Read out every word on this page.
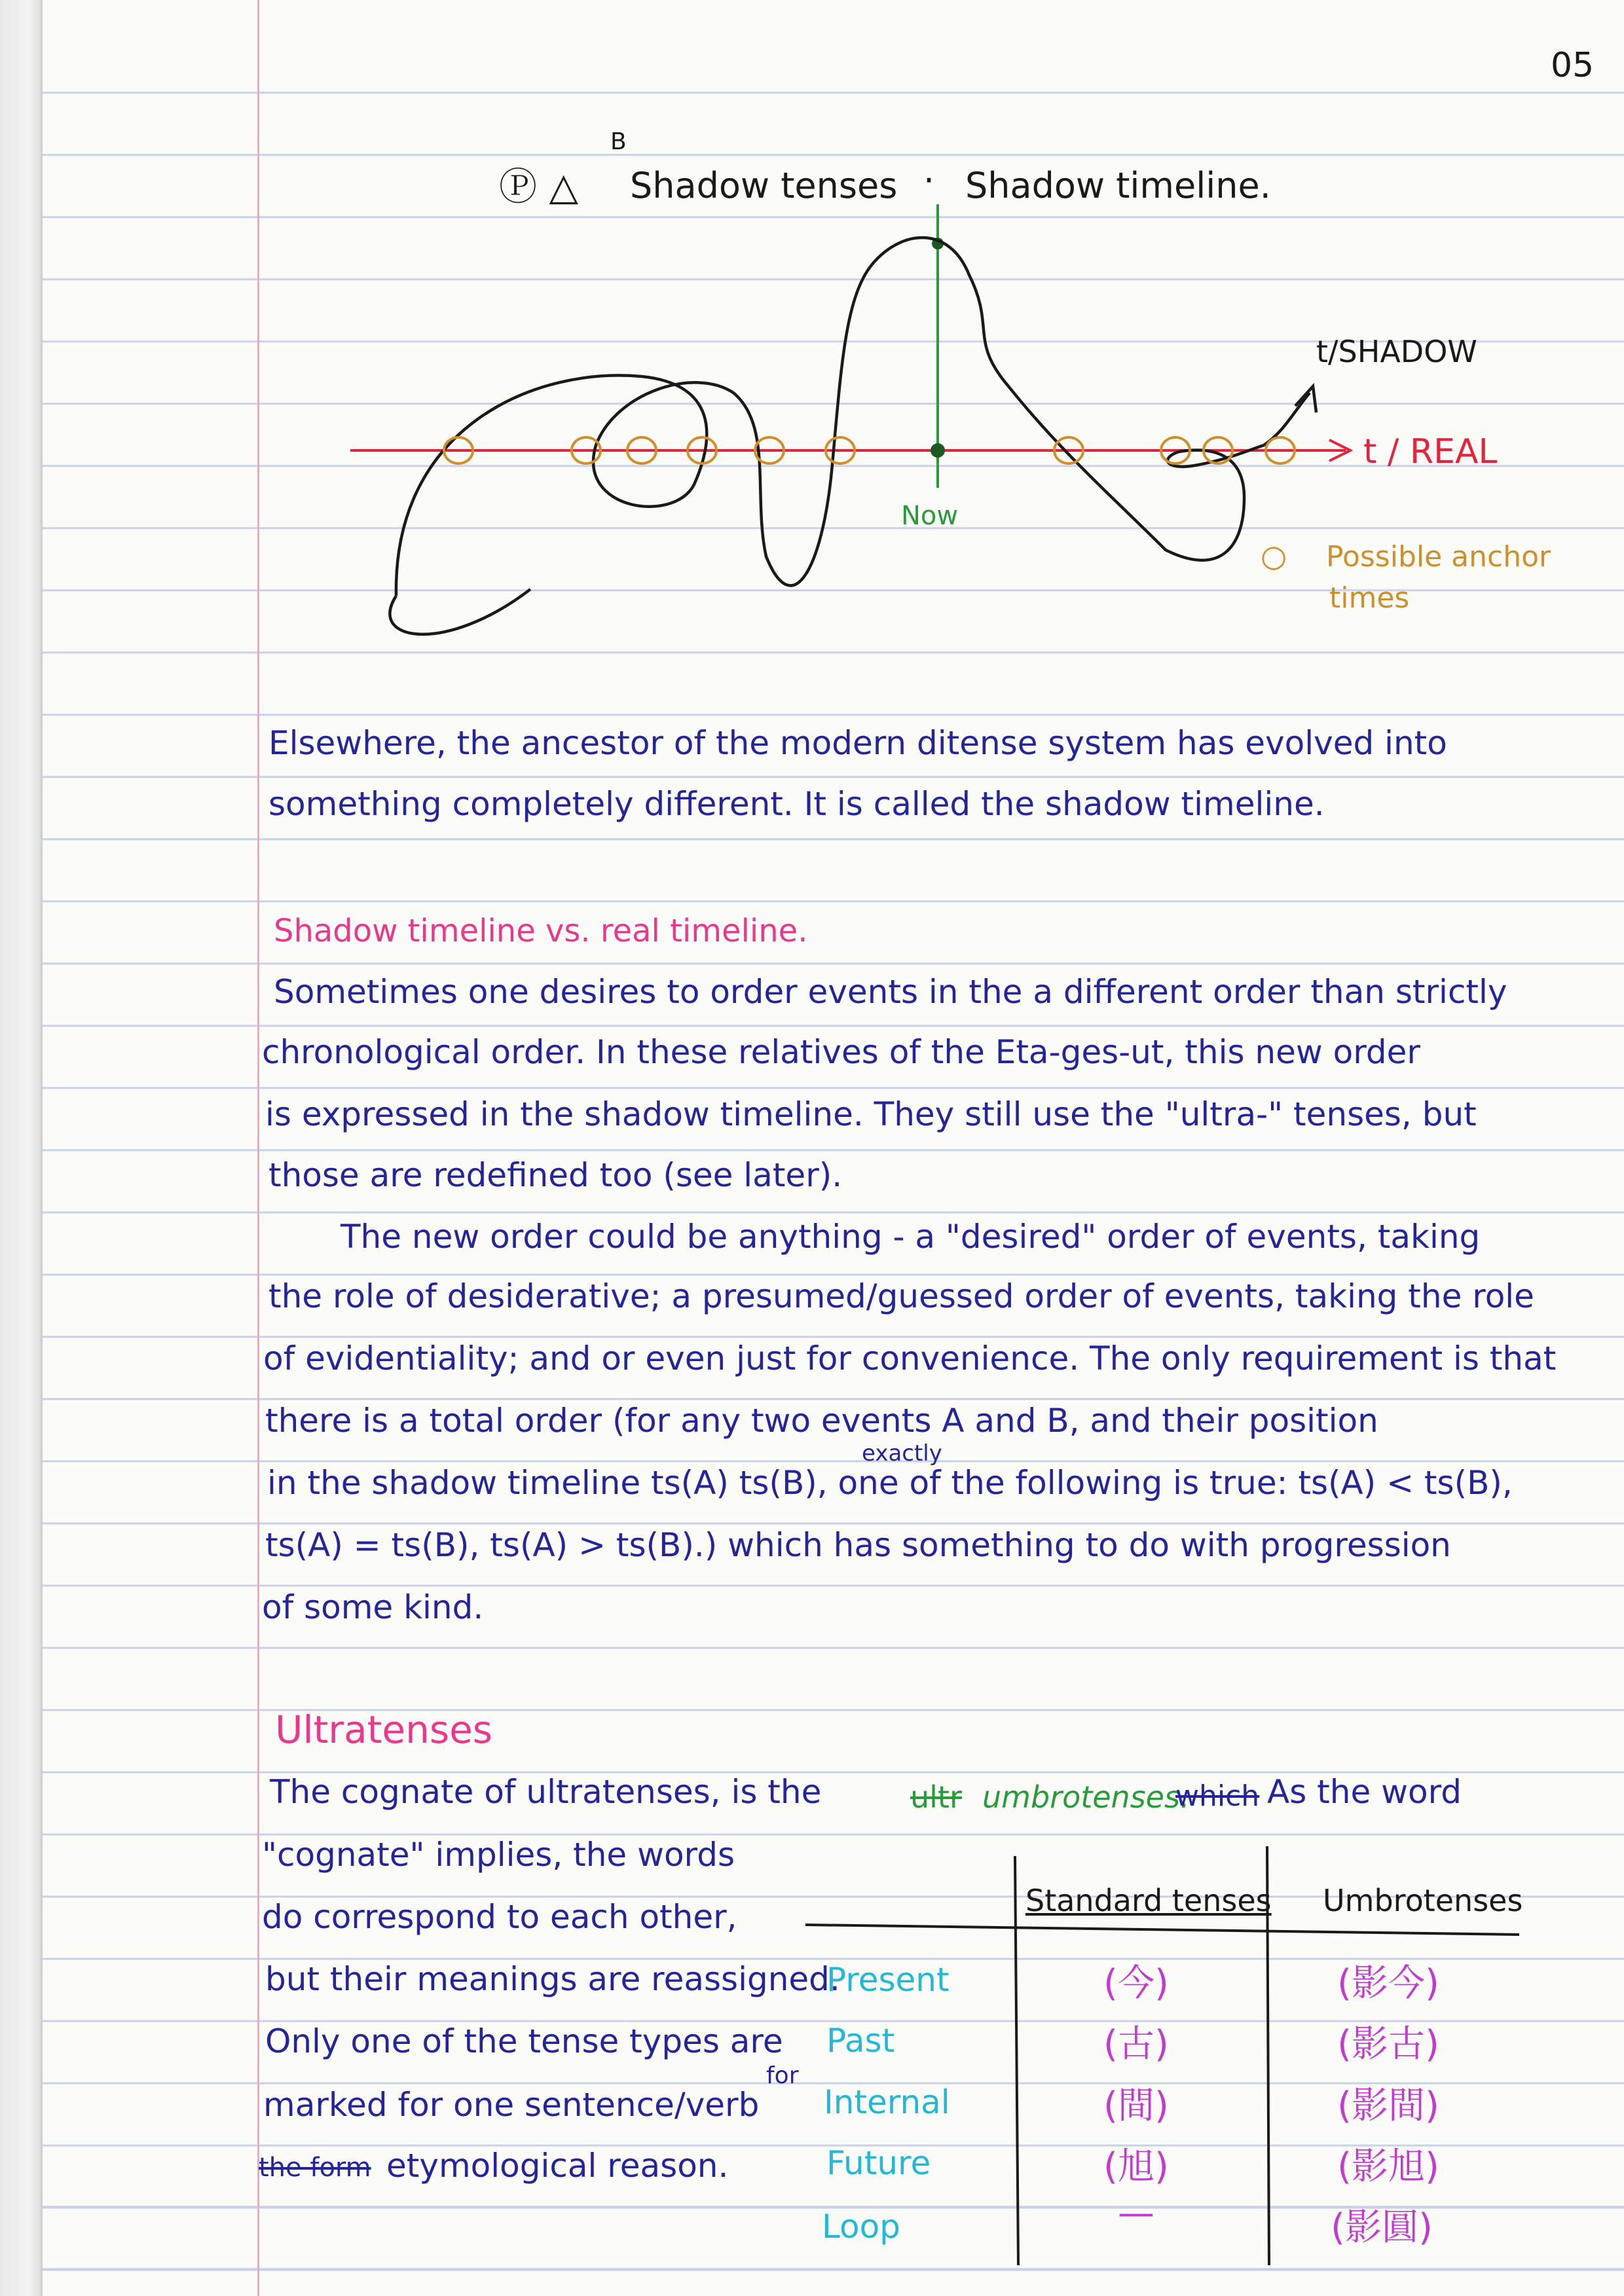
05
Ⓟ △
B
Shadow tenses · Shadow timeline.
t/SHADOW
t / REAL
Now
○ Possible anchor
times
Elsewhere, the ancestor of the modern ditense system has evolved into
something completely different. It is called the shadow timeline.
Shadow timeline vs. real timeline.
Sometimes one desires to order events in the a different order than strictly
chronological order. In these relatives of the Eta-ges-ut, this new order
is expressed in the shadow timeline. They still use the "ultra-" tenses, but
those are redefined too (see later).
The new order could be anything - a "desired" order of events, taking
the role of desiderative; a presumed/guessed order of events, taking the role
of evidentiality; and or even just for convenience. The only requirement is that
there is a total order (for any two events A and B, and their position
exactly
in the shadow timeline ts(A) ts(B), one of the following is true: ts(A) < ts(B),
ts(A) = ts(B), ts(A) > ts(B).) which has something to do with progression
of some kind.
Ultratenses
The cognate of ultratenses, is the	ultr umbrotenses.
which As the word
"cognate" implies, the words
do correspond to each other,
but their meanings are reassigned.
Only one of the tense types are
for
marked for one sentence/verb
the form etymological reason.
Standard tenses Umbrotenses
Present	(今)	(影今)
Past	(古)	(影古)
Internal	(間)	(影間)
Future	(旭)	(影旭)
Loop	—	(影圓)
